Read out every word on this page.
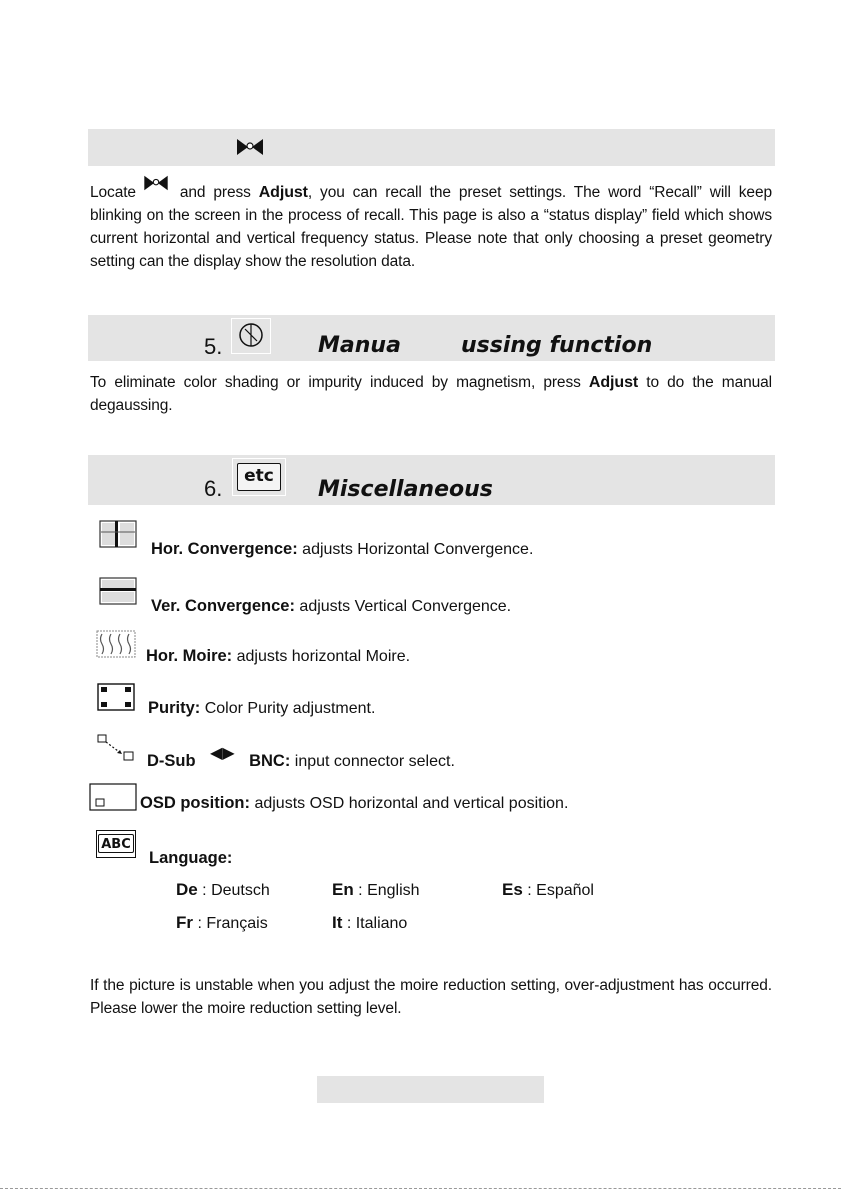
Locate and press Adjust, you can recall the preset settings. The word “Recall” will keep blinking on the screen in the process of recall. This page is also a “status display” field which shows current horizontal and vertical frequency status. Please note that only choosing a preset geometry setting can the display show the resolution data.
5.	Manua	ussing function
To eliminate color shading or impurity induced by magnetism, press Adjust to do the manual degaussing.
6.	etc
Miscellaneous
Hor. Convergence: adjusts Horizontal Convergence.
Ver. Convergence: adjusts Vertical Convergence.
Hor. Moire: adjusts horizontal Moire.
Purity: Color Purity adjustment.
D-Sub ◀▶ BNC: input connector select.
OSD position: adjusts OSD horizontal and vertical position.
ABC
Language:
De : Deutsch	En : English	Es : Español
Fr : Français	It : Italiano
If the picture is unstable when you adjust the moire reduction setting, over-adjustment has occurred. Please lower the moire reduction setting level.
